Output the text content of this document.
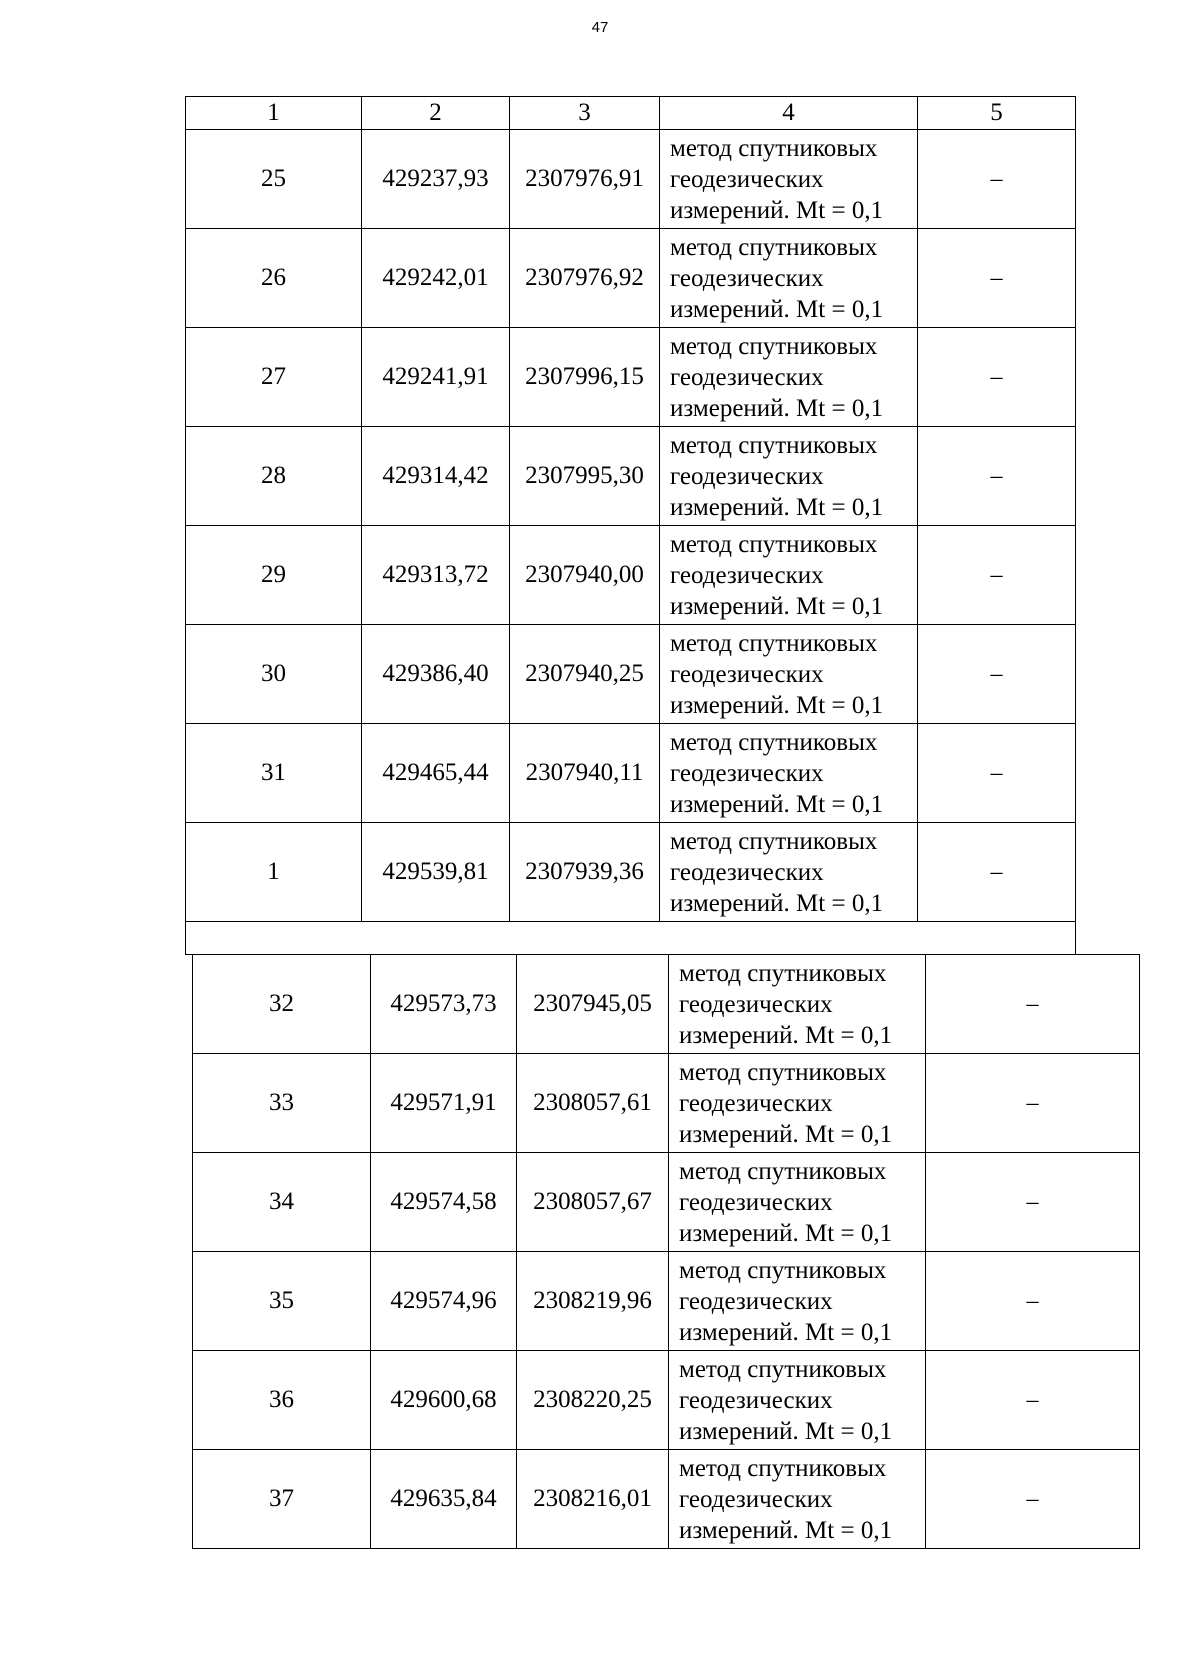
47
1	2	3	4	5
25	429237,93	2307976,91	метод спутниковых
геодезических
измерений. Mt = 0,1	–
26	429242,01	2307976,92	метод спутниковых
геодезических
измерений. Mt = 0,1	–
27	429241,91	2307996,15	метод спутниковых
геодезических
измерений. Mt = 0,1	–
28	429314,42	2307995,30	метод спутниковых
геодезических
измерений. Mt = 0,1	–
29	429313,72	2307940,00	метод спутниковых
геодезических
измерений. Mt = 0,1	–
30	429386,40	2307940,25	метод спутниковых
геодезических
измерений. Mt = 0,1	–
31	429465,44	2307940,11	метод спутниковых
геодезических
измерений. Mt = 0,1	–
1	429539,81	2307939,36	метод спутниковых
геодезических
измерений. Mt = 0,1	–

32	429573,73	2307945,05	метод спутниковых
геодезических
измерений. Mt = 0,1	–
33	429571,91	2308057,61	метод спутниковых
геодезических
измерений. Mt = 0,1	–
34	429574,58	2308057,67	метод спутниковых
геодезических
измерений. Mt = 0,1	–
35	429574,96	2308219,96	метод спутниковых
геодезических
измерений. Mt = 0,1	–
36	429600,68	2308220,25	метод спутниковых
геодезических
измерений. Mt = 0,1	–
37	429635,84	2308216,01	метод спутниковых
геодезических
измерений. Mt = 0,1	–
